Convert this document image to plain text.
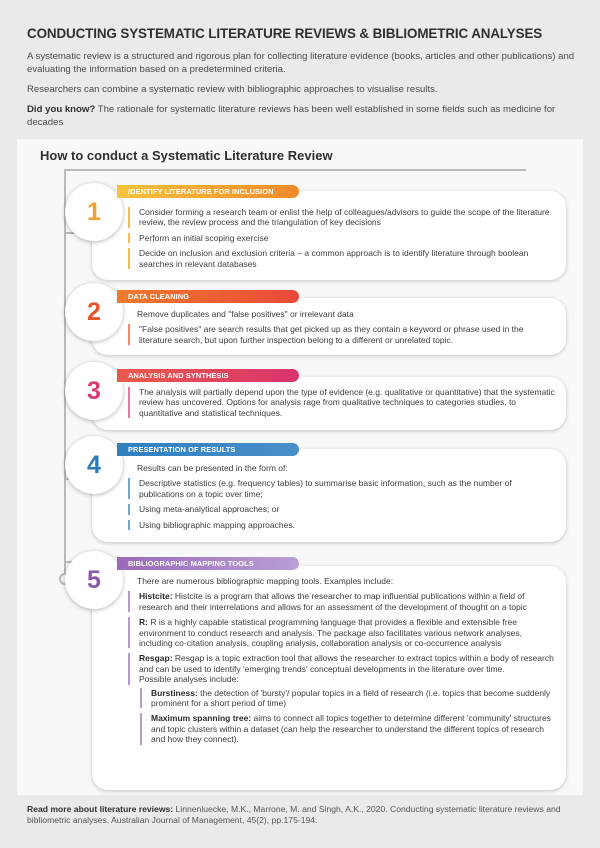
CONDUCTING SYSTEMATIC LITERATURE REVIEWS & BIBLIOMETRIC ANALYSES

A systematic review is a structured and rigorous plan for collecting literature evidence (books, articles and other publications) and evaluating the information based on a predetermined criteria.

Researchers can combine a systematic review with bibliographic approaches to visualise results.

Did you know? The rationale for systematic literature reviews has been well established in some fields such as medicine for decades

How to conduct a Systematic Literature Review
1
IDENTIFY LITERATURE FOR INCLUSION

Consider forming a research team or enlist the help of colleagues/advisors to guide the scope of the literature review, the review process and the triangulation of key decisions

Perform an initial scoping exercise

Decide on inclusion and exclusion criteria – a common approach is to identify literature through boolean searches in relevant databases

2
DATA CLEANING

Remove duplicates and "false positives" or irrelevant data

"False positives" are search results that get picked up as they contain a keyword or phrase used in the literature search, but upon further inspection belong to a different or unrelated topic.

3
ANALYSIS AND SYNTHESIS

The analysis will partially depend upon the type of evidence (e.g. qualitative or quantitative) that the systematic review has uncovered. Options for analysis rage from qualitative techniques to categories studies, to quantitative and statistical techniques.

4
PRESENTATION OF RESULTS

Results can be presented in the form of:

Descriptive statistics (e.g. frequency tables) to summarise basic information, such as the number of publications on a topic over time;

Using meta-analytical approaches; or

Using bibliographic mapping approaches.

5
BIBLIOGRAPHIC MAPPING TOOLS

There are numerous bibliographic mapping tools. Examples include:

Histcite: Histcite is a program that allows the researcher to map influential publications within a field of research and their interrelations and allows for an assessment of the development of thought on a topic

R: R is a highly capable statistical programming language that provides a flexible and extensible free environment to conduct research and analysis. The package also facilitates various network analyses, including co-citation analysis, coupling analysis, collaboration analysis or co-occurrence analysis

Resgap: Resgap is a topic extraction tool that allows the researcher to extract topics within a body of research and can be used to identify 'emerging trends' conceptual developments in the literature over time.
Possible analyses include:

Burstiness: the detection of 'bursty'/ popular topics in a field of research (i.e. topics that become suddenly prominent for a short period of time)

Maximum spanning tree: aims to connect all topics together to determine different 'community' structures and topic clusters within a dataset (can help the researcher to understand the different topics of research and how they connect).

Read more about literature reviews: Linnenluecke, M.K., Marrone, M. and Singh, A.K., 2020. Conducting systematic literature reviews and bibliometric analyses. Australian Journal of Management, 45(2), pp.175-194.
